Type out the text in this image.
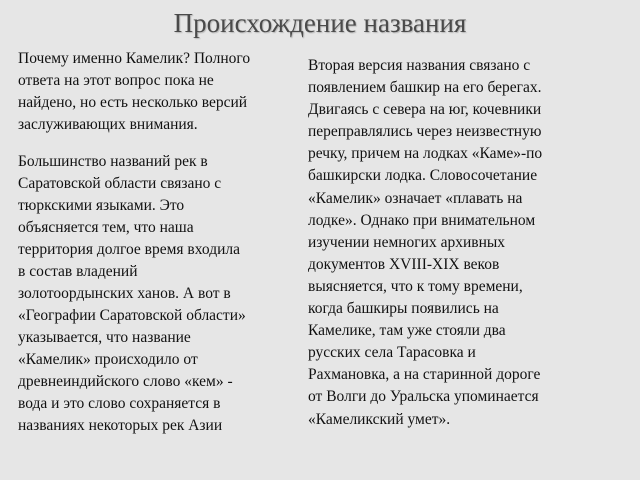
Происхождение названия

Почему именно Камелик? Полного

ответа на этот вопрос пока не

найдено, но есть несколько версий

заслуживающих внимания.

Большинство названий рек в

Саратовской области связано с

тюркскими языками. Это

объясняется тем, что наша

территория долгое время входила

в состав владений

золотоордынских ханов. А вот в

«Географии Саратовской области»

указывается, что название

«Камелик» происходило от

древнеиндийского слово «кем» -

вода и это слово сохраняется в

названиях некоторых рек Азии

Вторая версия названия связано с

появлением башкир на его берегах.

Двигаясь с севера на юг, кочевники

переправлялись через неизвестную

речку, причем на лодках «Каме»-по

башкирски лодка. Словосочетание

«Камелик» означает «плавать на

лодке». Однако при внимательном

изучении немногих архивных

документов XVIII-XIX веков

выясняется, что к тому времени,

когда башкиры появились на

Камелике, там уже стояли два

русских села Тарасовка и

Рахмановка, а на старинной дороге

от Волги до Уральска упоминается

«Камеликский умет».
